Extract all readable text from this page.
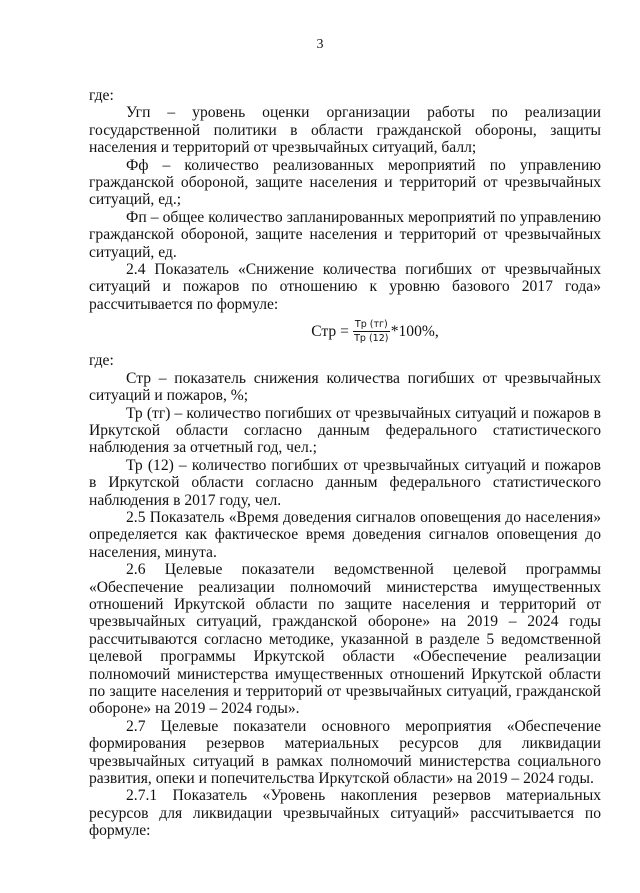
3

где:

Угп – уровень оценки организации работы по реализации государственной политики в области гражданской обороны, защиты населения и территорий от чрезвычайных ситуаций, балл;

Фф – количество реализованных мероприятий по управлению гражданской обороной, защите населения и территорий от чрезвычайных ситуаций, ед.;

Фп – общее количество запланированных мероприятий по управлению гражданской обороной, защите населения и территорий от чрезвычайных ситуаций, ед.

2.4 Показатель «Снижение количества погибших от чрезвычайных ситуаций и пожаров по отношению к уровню базового 2017 года» рассчитывается по формуле:

Стр = $\frac{Тр (тг)}{Тр (12)} *100\%$,

где:

Стр – показатель снижения количества погибших от чрезвычайных ситуаций и пожаров, %;

Тр (тг) – количество погибших от чрезвычайных ситуаций и пожаров в Иркутской области согласно данным федерального статистического наблюдения за отчетный год, чел.;

Тр (12) – количество погибших от чрезвычайных ситуаций и пожаров в Иркутской области согласно данным федерального статистического наблюдения в 2017 году, чел.

2.5 Показатель «Время доведения сигналов оповещения до населения» определяется как фактическое время доведения сигналов оповещения до населения, минута.

2.6 Целевые показатели ведомственной целевой программы «Обеспечение реализации полномочий министерства имущественных отношений Иркутской области по защите населения и территорий от чрезвычайных ситуаций, гражданской обороне» на 2019 – 2024 годы рассчитываются согласно методике, указанной в разделе 5 ведомственной целевой программы Иркутской области «Обеспечение реализации полномочий министерства имущественных отношений Иркутской области по защите населения и территорий от чрезвычайных ситуаций, гражданской обороне» на 2019 – 2024 годы».

2.7 Целевые показатели основного мероприятия «Обеспечение формирования резервов материальных ресурсов для ликвидации чрезвычайных ситуаций в рамках полномочий министерства социального развития, опеки и попечительства Иркутской области» на 2019 – 2024 годы.

2.7.1 Показатель «Уровень накопления резервов материальных ресурсов для ликвидации чрезвычайных ситуаций» рассчитывается по формуле:
